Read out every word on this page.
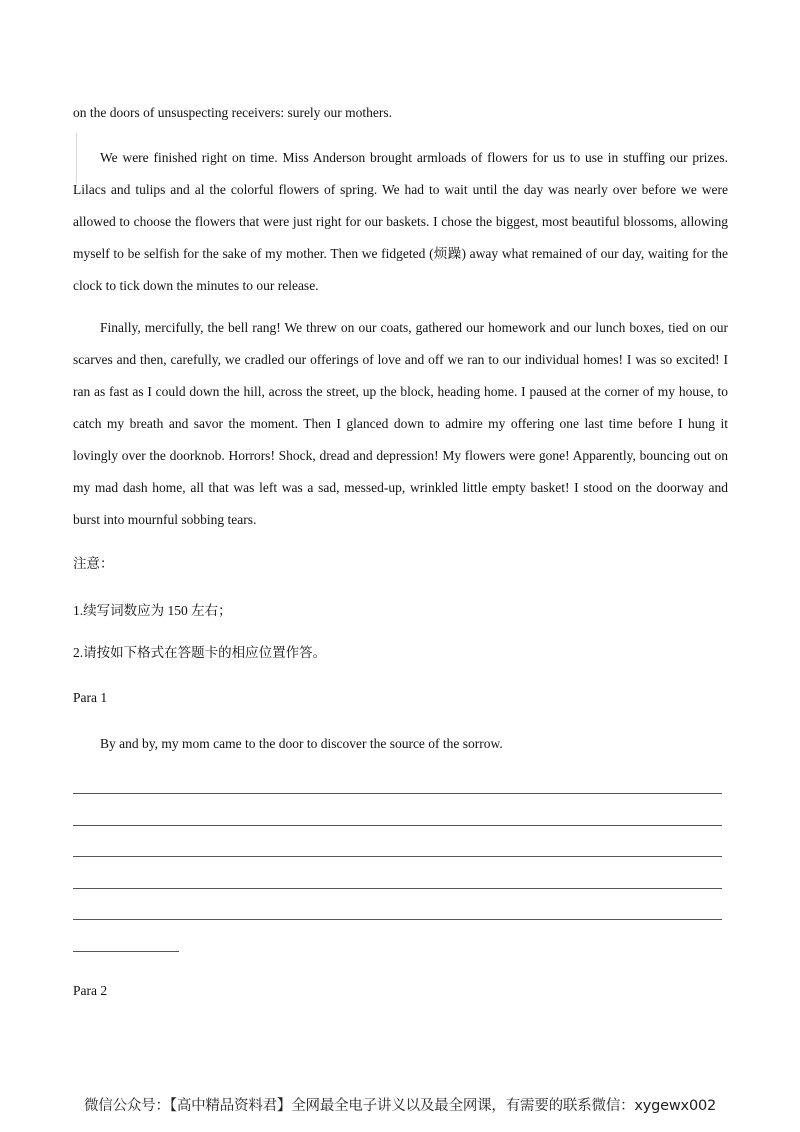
on the doors of unsuspecting receivers: surely our mothers.

We were finished right on time. Miss Anderson brought armloads of flowers for us to use in stuffing our prizes. Lilacs and tulips and al the colorful flowers of spring. We had to wait until the day was nearly over before we were allowed to choose the flowers that were just right for our baskets. I chose the biggest, most beautiful blossoms, allowing myself to be selfish for the sake of my mother. Then we fidgeted (烦躁) away what remained of our day, waiting for the clock to tick down the minutes to our release.

Finally, mercifully, the bell rang! We threw on our coats, gathered our homework and our lunch boxes, tied on our scarves and then, carefully, we cradled our offerings of love and off we ran to our individual homes! I was so excited! I ran as fast as I could down the hill, across the street, up the block, heading home. I paused at the corner of my house, to catch my breath and savor the moment. Then I glanced down to admire my offering one last time before I hung it lovingly over the doorknob. Horrors! Shock, dread and depression! My flowers were gone! Apparently, bouncing out on my mad dash home, all that was left was a sad, messed-up, wrinkled little empty basket! I stood on the doorway and burst into mournful sobbing tears.

注意：
1.续写词数应为 150 左右；
2.请按如下格式在答题卡的相应位置作答。
Para 1
By and by, my mom came to the door to discover the source of the sorrow.
Para 2
微信公众号：【高中精品资料君】全网最全电子讲义以及最全网课，有需要的联系微信：xygewx002
